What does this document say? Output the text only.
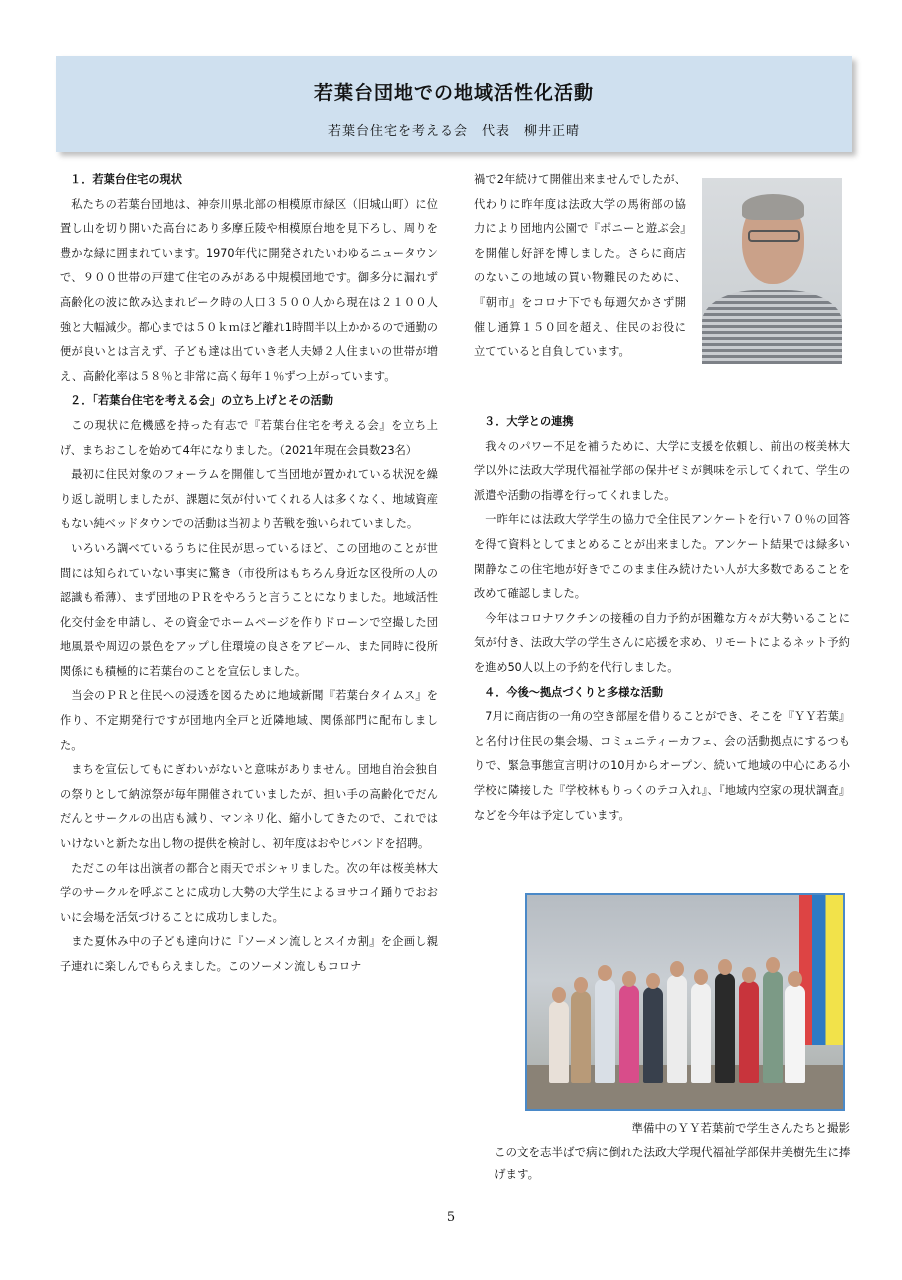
若葉台団地での地域活性化活動
若葉台住宅を考える会　代表　柳井正晴
１．若葉台住宅の現状

私たちの若葉台団地は、神奈川県北部の相模原市緑区（旧城山町）に位置し山を切り開いた高台にあり多摩丘陵や相模原台地を見下ろし、周りを豊かな緑に囲まれています。1970年代に開発されたいわゆるニュータウンで、９００世帯の戸建て住宅のみがある中規模団地です。御多分に漏れず高齢化の波に飲み込まれピーク時の人口３５００人から現在は２１００人強と大幅減少。都心までは５０ｋｍほど離れ1時間半以上かかるので通勤の便が良いとは言えず、子ども達は出ていき老人夫婦２人住まいの世帯が増え、高齢化率は５８％と非常に高く毎年１％ずつ上がっています。

２．「若葉台住宅を考える会」の立ち上げとその活動

この現状に危機感を持った有志で『若葉台住宅を考える会』を立ち上げ、まちおこしを始めて4年になりました。（2021年現在会員数23名）

最初に住民対象のフォーラムを開催して当団地が置かれている状況を繰り返し説明しましたが、課題に気が付いてくれる人は多くなく、地域資産もない純ベッドタウンでの活動は当初より苦戦を強いられていました。

いろいろ調べているうちに住民が思っているほど、この団地のことが世間には知られていない事実に驚き（市役所はもちろん身近な区役所の人の認識も希薄）、まず団地のＰＲをやろうと言うことになりました。地域活性化交付金を申請し、その資金でホームページを作りドローンで空撮した団地風景や周辺の景色をアップし住環境の良さをアピール、また同時に役所関係にも積極的に若葉台のことを宣伝しました。

当会のＰＲと住民への浸透を図るために地域新聞『若葉台タイムス』を作り、不定期発行ですが団地内全戸と近隣地域、関係部門に配布しました。

まちを宣伝してもにぎわいがないと意味がありません。団地自治会独自の祭りとして納涼祭が毎年開催されていましたが、担い手の高齢化でだんだんとサークルの出店も減り、マンネリ化、縮小してきたので、これではいけないと新たな出し物の提供を検討し、初年度はおやじバンドを招聘。

ただこの年は出演者の都合と雨天でポシャリました。次の年は桜美林大学のサークルを呼ぶことに成功し大勢の大学生によるヨサコイ踊りでおおいに会場を活気づけることに成功しました。

また夏休み中の子ども達向けに『ソーメン流しとスイカ割』を企画し親子連れに楽しんでもらえました。このソーメン流しもコロナ

禍で2年続けて開催出来ませんでしたが、代わりに昨年度は法政大学の馬術部の協力により団地内公園で『ポニーと遊ぶ会』を開催し好評を博しました。さらに商店のないこの地域の買い物難民のために、『朝市』をコロナ下でも毎週欠かさず開催し通算１５０回を超え、住民のお役に立てていると自負しています。

３．大学との連携

我々のパワー不足を補うために、大学に支援を依頼し、前出の桜美林大学以外に法政大学現代福祉学部の保井ゼミが興味を示してくれて、学生の派遣や活動の指導を行ってくれました。

一昨年には法政大学学生の協力で全住民アンケートを行い７０％の回答を得て資料としてまとめることが出来ました。アンケート結果では緑多い閑静なこの住宅地が好きでこのまま住み続けたい人が大多数であることを改めて確認しました。

今年はコロナワクチンの接種の自力予約が困難な方々が大勢いることに気が付き、法政大学の学生さんに応援を求め、リモートによるネット予約を進め50人以上の予約を代行しました。

４．今後～拠点づくりと多様な活動

7月に商店街の一角の空き部屋を借りることができ、そこを『ＹＹ若葉』と名付け住民の集会場、コミュニティーカフェ、会の活動拠点にするつもりで、緊急事態宣言明けの10月からオープン、続いて地域の中心にある小学校に隣接した『学校林もりっくのテコ入れ』、『地域内空家の現状調査』などを今年は予定しています。

準備中のＹＹ若葉前で学生さんたちと撮影
この文を志半ばで病に倒れた法政大学現代福祉学部保井美樹先生に捧げます。
5
